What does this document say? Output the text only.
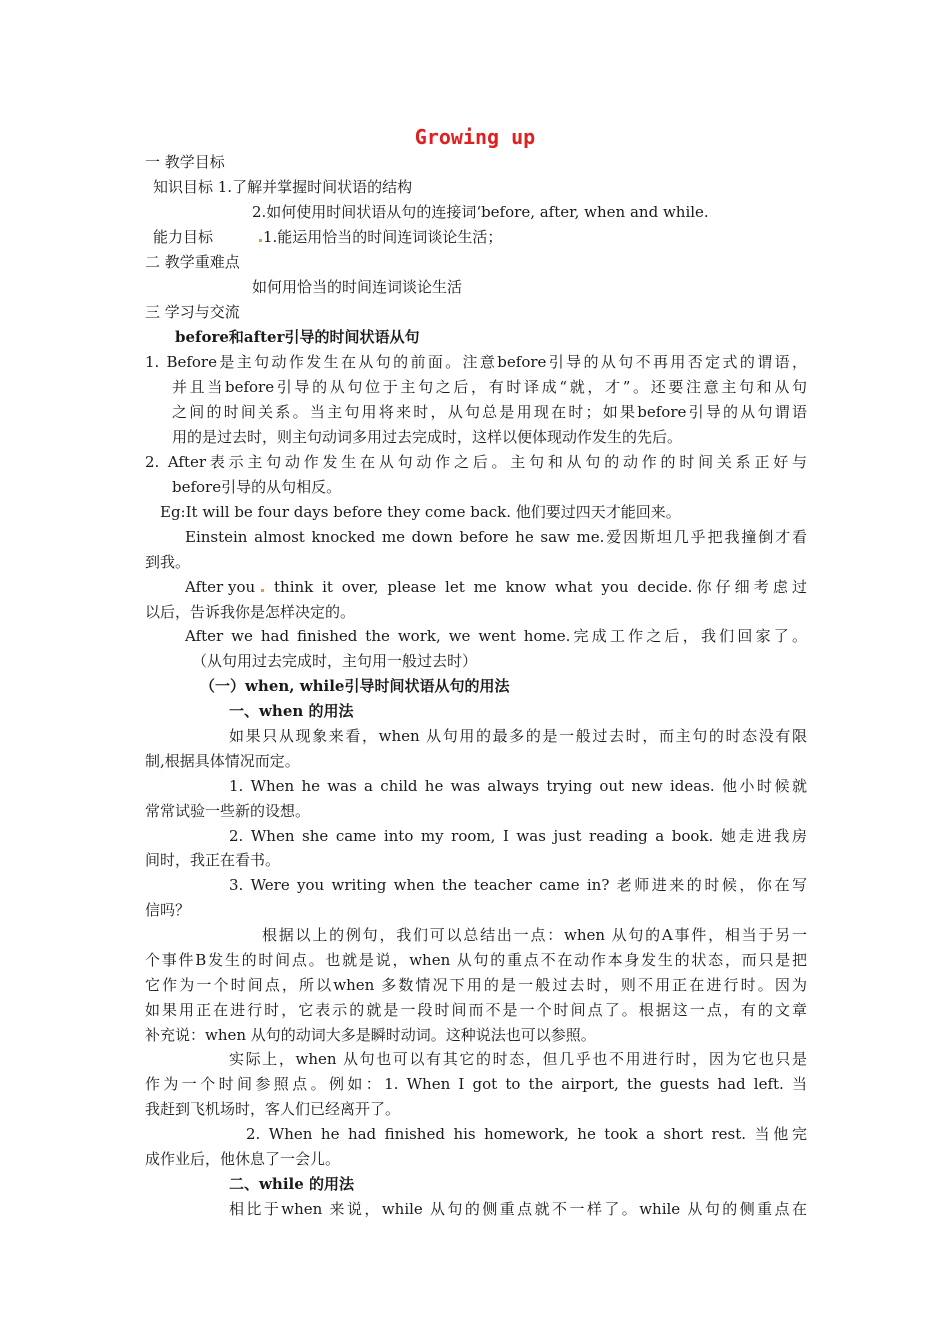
Growing up
一 教学目标
知识目标 1.了解并掌握时间状语的结构
2.如何使用时间状语从句的连接词‘before, after, when and while.
能力目标	1.能运用恰当的时间连词谈论生活；
二 教学重难点
如何用恰当的时间连词谈论生活
三 学习与交流
before和after引导的时间状语从句
1. Before是主句动作发生在从句的前面。注意before引导的从句不再用否定式的谓语，
并且当before引导的从句位于主句之后，有时译成“就，才”。还要注意主句和从句
之间的时间关系。当主句用将来时，从句总是用现在时；如果before引导的从句谓语
用的是过去时，则主句动词多用过去完成时，这样以便体现动作发生的先后。
2. After表示主句动作发生在从句动作之后。主句和从句的动作的时间关系正好与
before引导的从句相反。
Eg:It will be four days before they come back. 他们要过四天才能回来。
Einstein almost knocked me down before he saw me.爱因斯坦几乎把我撞倒才看
到我。
After you	think it over, please let me know what you decide.你仔细考虑过
以后，告诉我你是怎样决定的。
After we had finished the work, we went home.完成工作之后，我们回家了。
（从句用过去完成时，主句用一般过去时）
（一）when, while引导时间状语从句的用法
一、when 的用法
如果只从现象来看，when 从句用的最多的是一般过去时，而主句的时态没有限
制,根据具体情况而定。
1. When he was a child he was always trying out new ideas. 他小时候就
常常试验一些新的设想。
2. When she came into my room, I was just reading a book. 她走进我房
间时，我正在看书。
3. Were you writing when the teacher came in? 老师进来的时候，你在写
信吗？
根据以上的例句，我们可以总结出一点：when 从句的A事件，相当于另一
个事件B发生的时间点。也就是说，when 从句的重点不在动作本身发生的状态，而只是把
它作为一个时间点，所以when 多数情况下用的是一般过去时，则不用正在进行时。因为
如果用正在进行时，它表示的就是一段时间而不是一个时间点了。根据这一点，有的文章
补充说：when 从句的动词大多是瞬时动词。这种说法也可以参照。
实际上，when 从句也可以有其它的时态，但几乎也不用进行时，因为它也只是
作为一个时间参照点。例如：1. When I got to the airport, the guests had left. 当
我赶到飞机场时，客人们已经离开了。
2. When he had finished his homework, he took a short rest. 当他完
成作业后，他休息了一会儿。
二、while 的用法
相比于when 来说，while 从句的侧重点就不一样了。while 从句的侧重点在
